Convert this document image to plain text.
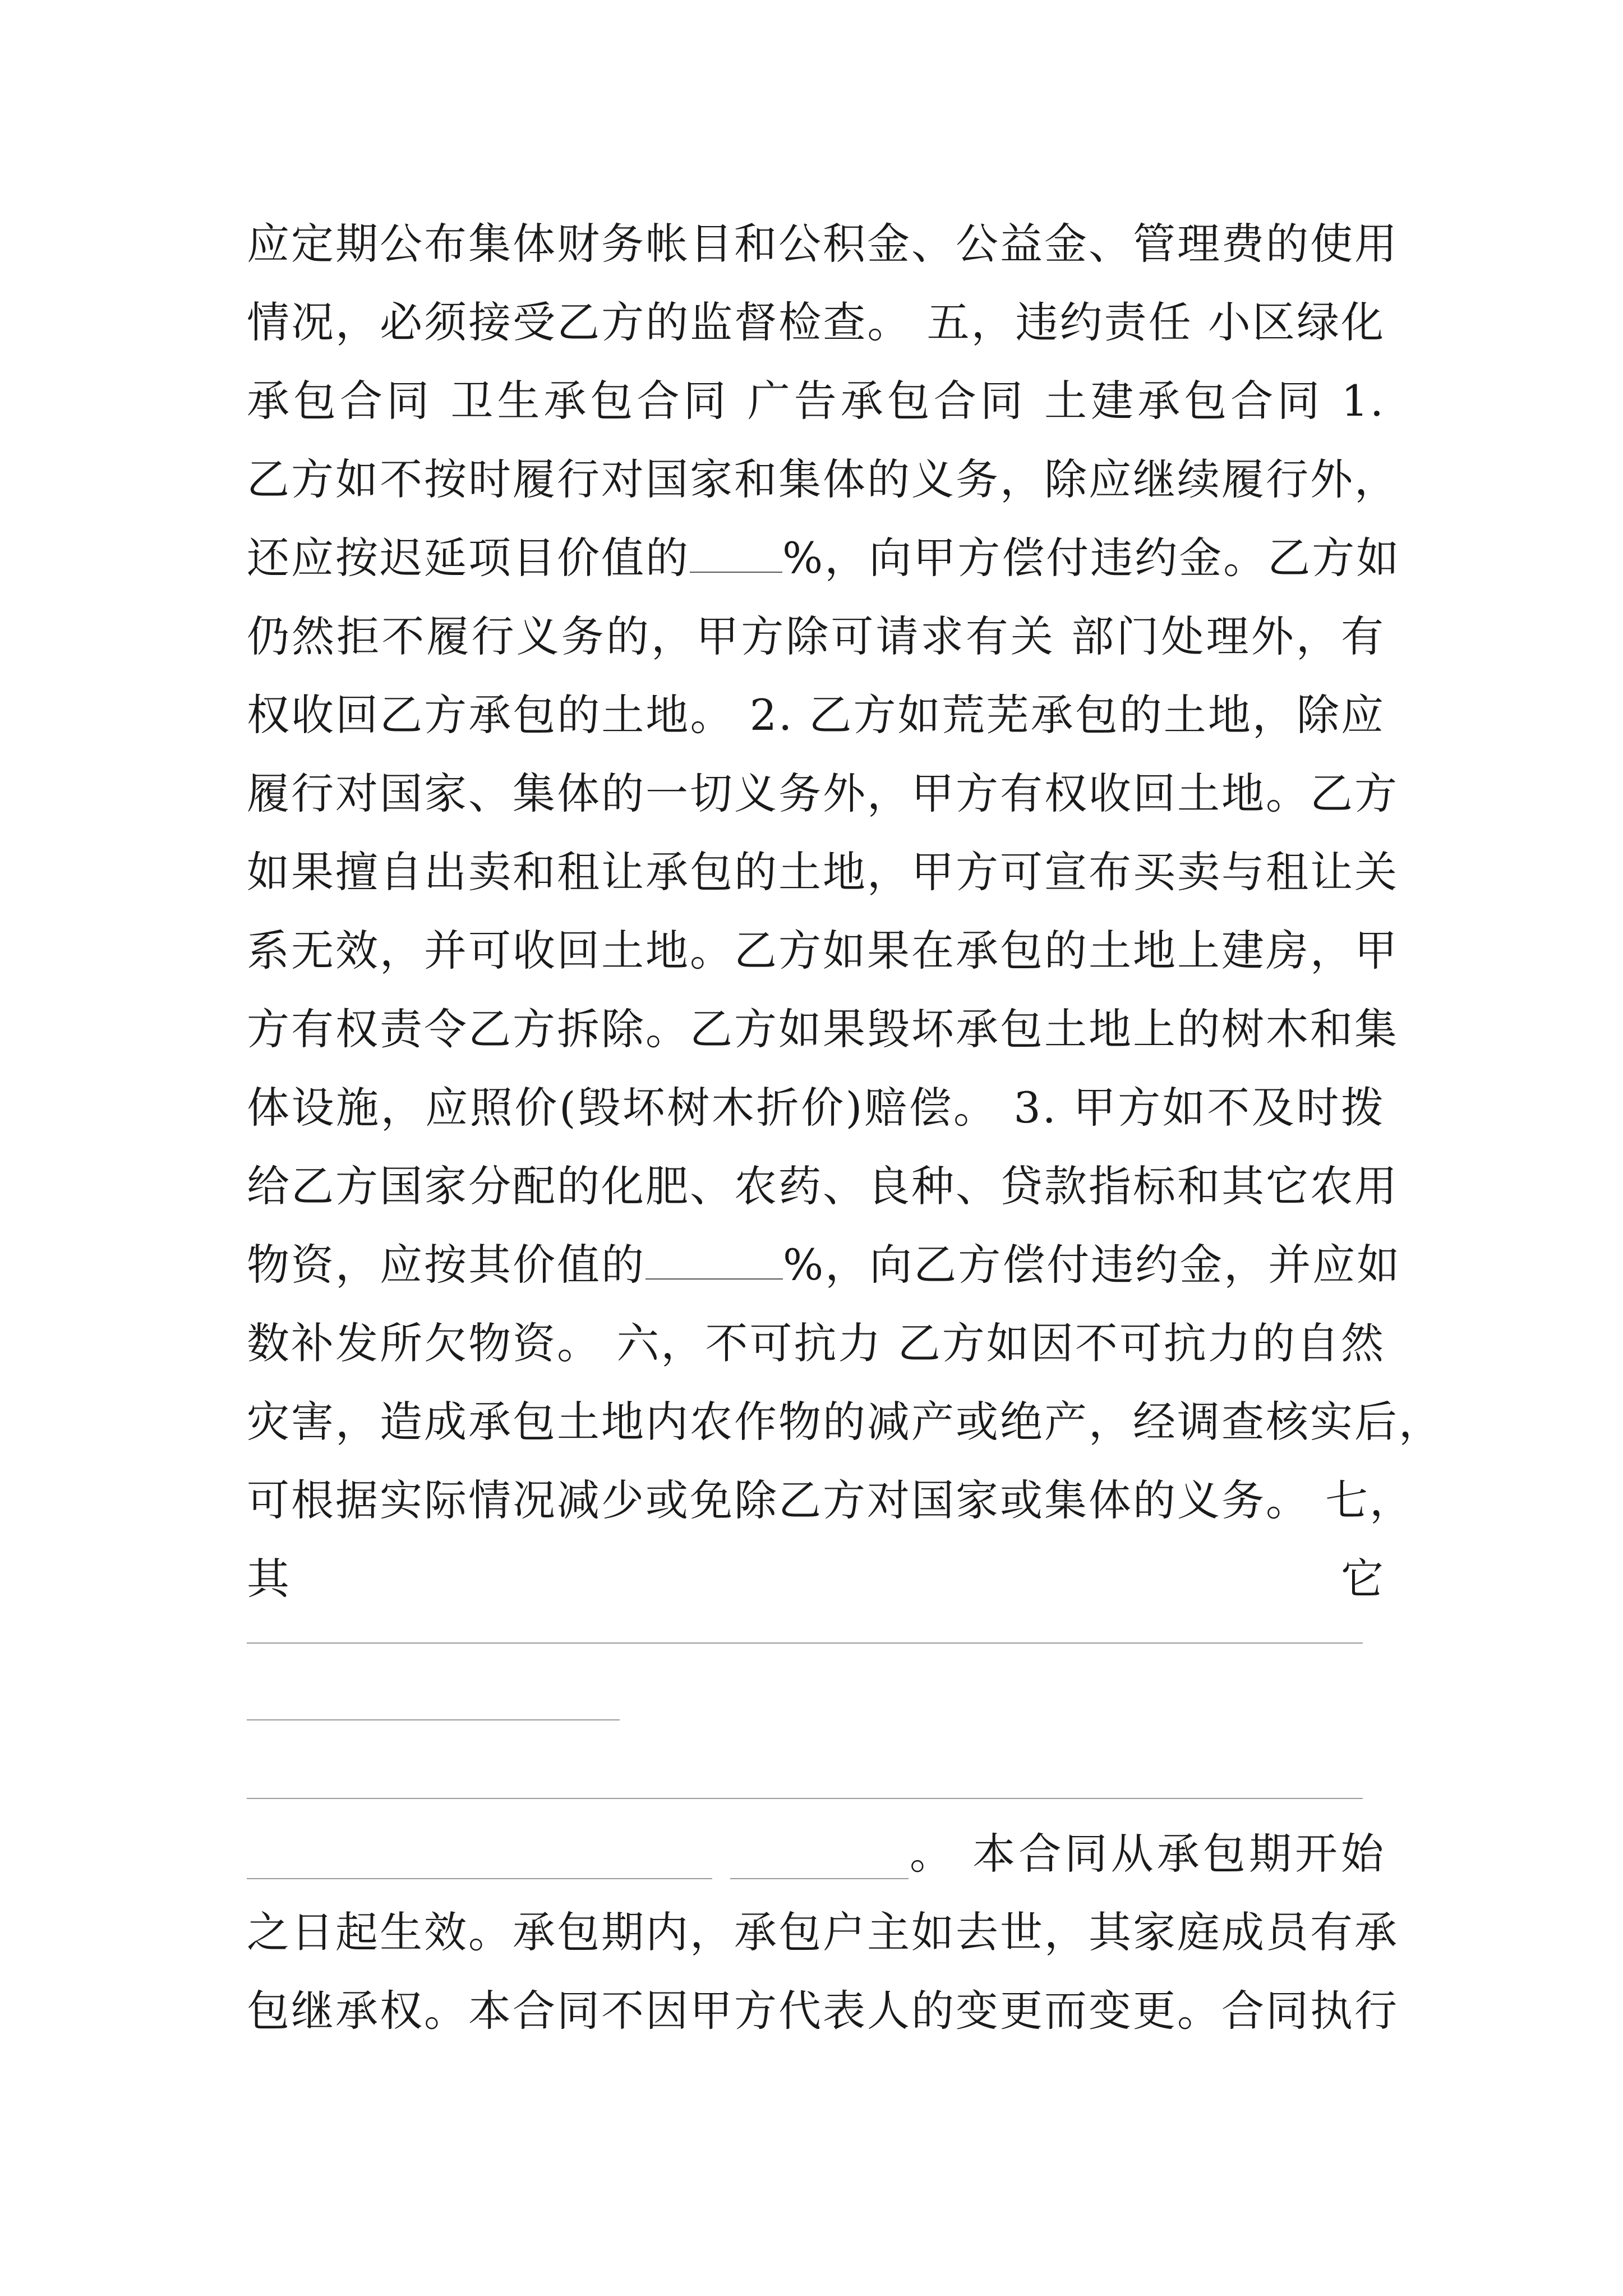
应定期公布集体财务帐目和公积金、公益金、管理费的使用
情况，必须接受乙方的监督检查。 五，违约责任 小区绿化
承包合同 卫生承包合同 广告承包合同 土建承包合同 1.
乙方如不按时履行对国家和集体的义务，除应继续履行外，
还应按迟延项目价值的 %，向甲方偿付违约金。乙方如
仍然拒不履行义务的，甲方除可请求有关 部门处理外，有
权收回乙方承包的土地。 2. 乙方如荒芜承包的土地，除应
履行对国家、集体的一切义务外，甲方有权收回土地。乙方
如果擅自出卖和租让承包的土地，甲方可宣布买卖与租让关
系无效，并可收回土地。乙方如果在承包的土地上建房，甲
方有权责令乙方拆除。乙方如果毁坏承包土地上的树木和集
体设施，应照价(毁坏树木折价)赔偿。 3. 甲方如不及时拨
给乙方国家分配的化肥、农药、良种、贷款指标和其它农用
物资，应按其价值的	%，向乙方偿付违约金，并应如
数补发所欠物资。 六，不可抗力 乙方如因不可抗力的自然
灾害，造成承包土地内农作物的减产或绝产，经调查核实后，
可根据实际情况减少或免除乙方对国家或集体的义务。 七，
其	它
。 本合同从承包期开始
之日起生效。承包期内，承包户主如去世，其家庭成员有承
包继承权。本合同不因甲方代表人的变更而变更。合同执行
